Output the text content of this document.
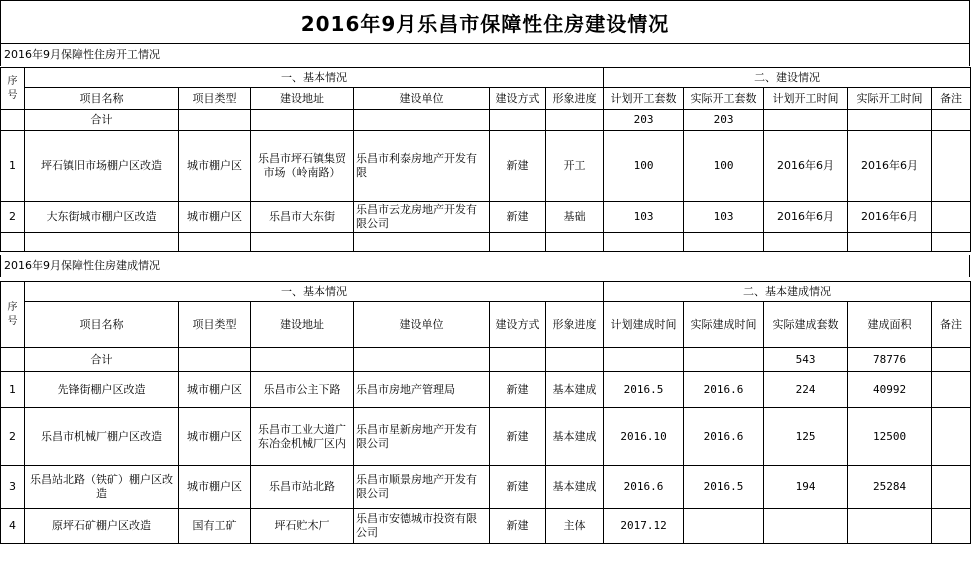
2016年9月乐昌市保障性住房建设情况
2016年9月保障性住房开工情况
序号	一、基本情况						二、建设情况				
	项目名称	项目类型	建设地址	建设单位	建设方式	形象进度	计划开工套数	实际开工套数	计划开工时间	实际开工时间	备注
	合计						203	203			
1	坪石镇旧市场棚户区改造	城市棚户区	乐昌市坪石镇集贸市场（岭南路）	乐昌市利泰房地产开发有限	新建	开工	100	100	2016年6月	2016年6月	
2	大东街城市棚户区改造	城市棚户区	乐昌市大东街	乐昌市云龙房地产开发有限公司	新建	基础	103	103	2016年6月	2016年6月	

2016年9月保障性住房建成情况
序号	一、基本情况						二、基本建成情况				
	项目名称	项目类型	建设地址	建设单位	建设方式	形象进度	计划建成时间	实际建成时间	实际建成套数	建成面积	备注
	合计								543	78776	
1	先锋街棚户区改造	城市棚户区	乐昌市公主下路	乐昌市房地产管理局	新建	基本建成	2016.5	2016.6	224	40992	
2	乐昌市机械厂棚户区改造	城市棚户区	乐昌市工业大道广东冶金机械厂区内	乐昌市星新房地产开发有限公司	新建	基本建成	2016.10	2016.6	125	12500	
3	乐昌站北路（铁矿）棚户区改造	城市棚户区	乐昌市站北路	乐昌市顺景房地产开发有限公司	新建	基本建成	2016.6	2016.5	194	25284	
4	原坪石矿棚户区改造	国有工矿	坪石贮木厂	乐昌市安德城市投资有限公司	新建	主体	2017.12				
